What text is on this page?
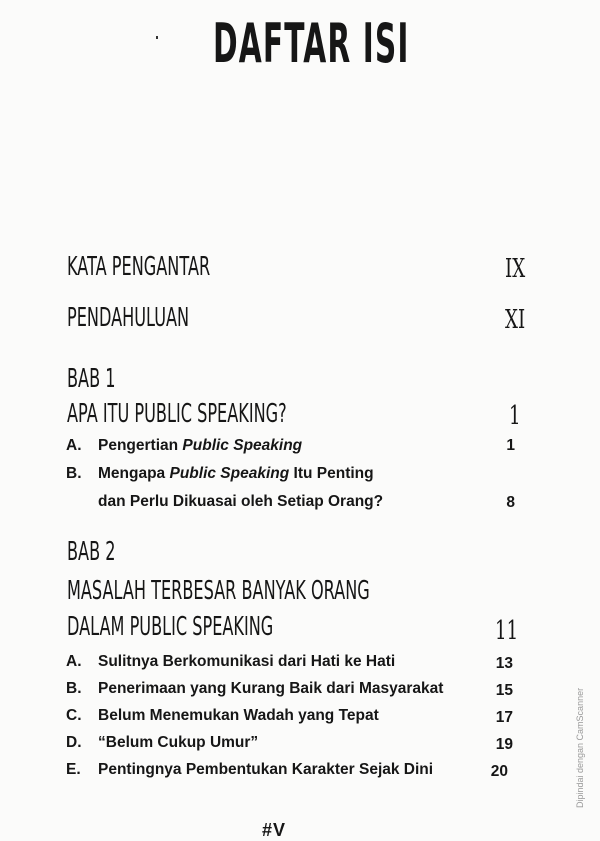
DAFTAR ISI
KATA PENGANTAR	IX
PENDAHULUAN	XI
BAB 1
APA ITU PUBLIC SPEAKING?	1
A. Pengertian Public Speaking	1
B. Mengapa Public Speaking Itu Penting
dan Perlu Dikuasai oleh Setiap Orang?	8
BAB 2
MASALAH TERBESAR BANYAK ORANG
DALAM PUBLIC SPEAKING	11
A. Sulitnya Berkomunikasi dari Hati ke Hati	13
B. Penerimaan yang Kurang Baik dari Masyarakat	15
C. Belum Menemukan Wadah yang Tepat	17
D. “Belum Cukup Umur”	19
E. Pentingnya Pembentukan Karakter Sejak Dini	20
#V
Dipindai dengan CamScanner
